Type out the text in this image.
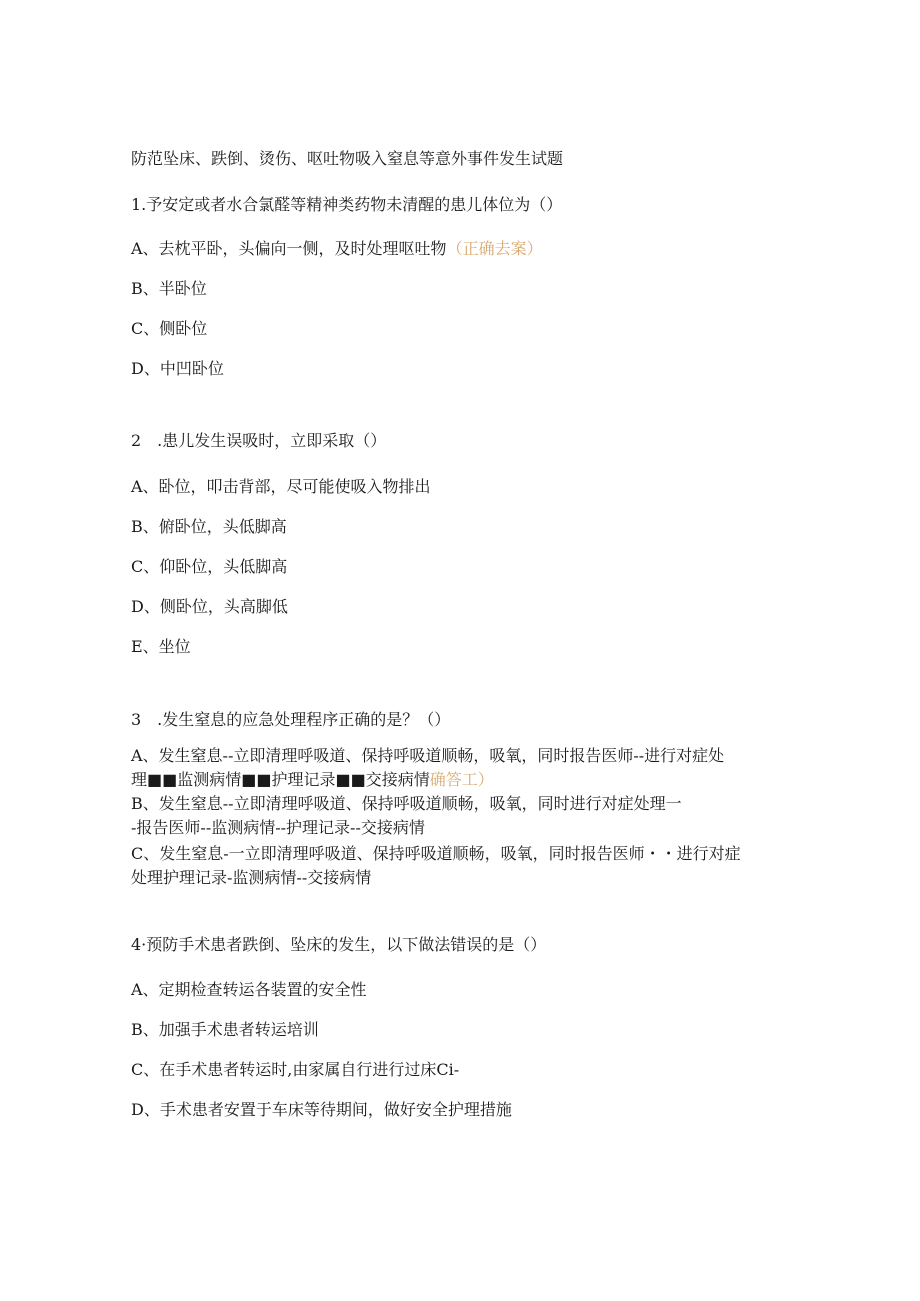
防范坠床、跌倒、烫伤、呕吐物吸入窒息等意外事件发生试题
1.予安定或者水合氯醛等精神类药物未清醒的患儿体位为（）
A、去枕平卧，头偏向一侧，及时处理呕吐物（正确去案）
B、半卧位
C、侧卧位
D、中凹卧位
2　.患儿发生误吸时，立即采取（）
A、卧位，叩击背部，尽可能使吸入物排出
B、俯卧位，头低脚高
C、仰卧位，头低脚高
D、侧卧位，头高脚低
E、坐位
3　.发生窒息的应急处理程序正确的是？（）
A、发生窒息--立即清理呼吸道、保持呼吸道顺畅，吸氧，同时报告医师--进行对症处
理■■监测病情■■护理记录■■交接病情确答工）
B、发生窒息--立即清理呼吸道、保持呼吸道顺畅，吸氧，同时进行对症处理一
-报告医师--监测病情--护理记录--交接病情
C、发生窒息-一立即清理呼吸道、保持呼吸道顺畅，吸氧，同时报告医师・・进行对症
处理护理记录-监测病情--交接病情
4·预防手术患者跌倒、坠床的发生，以下做法错误的是（）
A、定期检查转运各装置的安全性
B、加强手术患者转运培训
C、在手术患者转运时,由家属自行进行过床Ci-
D、手术患者安置于车床等待期间，做好安全护理措施
